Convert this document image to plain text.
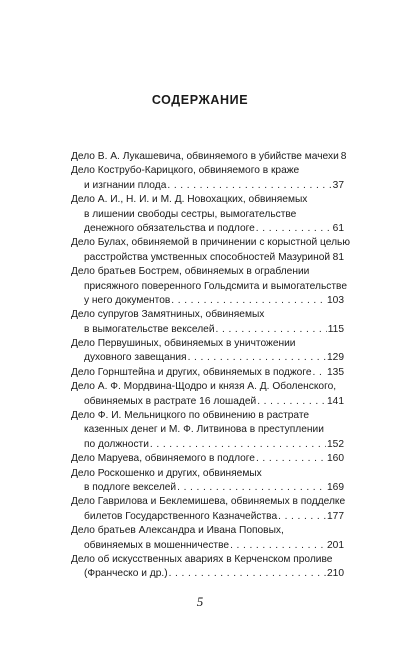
СОДЕРЖАНИЕ
Дело В. А. Лукашевича, обвиняемого в убийстве мачехи 8
Дело Кострубо-Карицкого, обвиняемого в краже
и изгнании плода . . .	37
Дело А. И., Н. И. и М. Д. Новохацких, обвиняемых
в лишении свободы сестры, вымогательстве
денежного обязательства и подлоге . . .	61
Дело Булах, обвиняемой в причинении с корыстной целью
расстройства умственных способностей Мазуриной . . . 81
Дело братьев Бострем, обвиняемых в ограблении
присяжного поверенного Гольдсмита и вымогательстве
у него документов . . .	103
Дело супругов Замятниных, обвиняемых
в вымогательстве векселей . . .	115
Дело Первушиных, обвиняемых в уничтожении
духовного завещания . . .	129
Дело Горнштейна и других, обвиняемых в поджоге . . . 135
Дело А. Ф. Мордвина-Щодро и князя А. Д. Оболенского,
обвиняемых в растрате 16 лошадей . . .	141
Дело Ф. И. Мельницкого по обвинению в растрате
казенных денег и М. Ф. Литвинова в преступлении
по должности . . .	152
Дело Маруева, обвиняемого в подлоге . . .	160
Дело Роскошенко и других, обвиняемых
в подлоге векселей . . .	169
Дело Гаврилова и Беклемишева, обвиняемых в подделке
билетов Государственного Казначейства . . .	177
Дело братьев Александра и Ивана Поповых,
обвиняемых в мошенничестве . . .	201
Дело об искусственных авариях в Керченском проливе
(Франческо и др.) . . .	210
5
